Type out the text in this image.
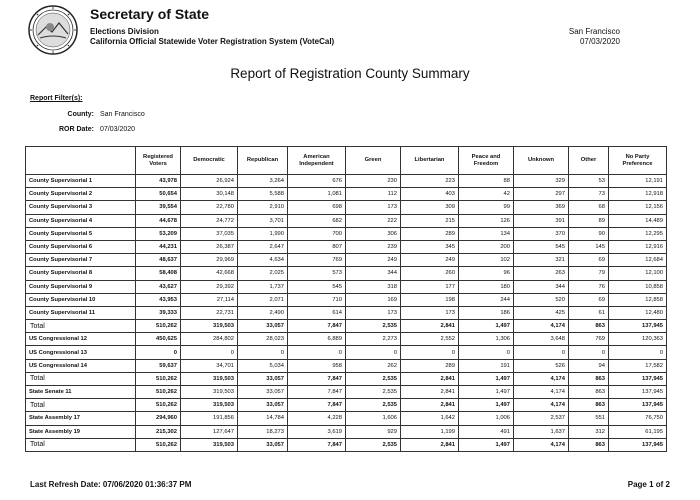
Secretary of State
Elections Division
California Official Statewide Voter Registration System (VoteCal)
San Francisco
07/03/2020
Report of Registration County Summary
Report Filter(s):
County: San Francisco
ROR Date: 07/03/2020
	Registered
Voters	Democratic	Republican	American
Independent	Green	Libertarian	Peace and
Freedom	Unknown	Other	No Party
Preference
County Supervisorial 1	43,978	26,924	3,264	676	230	223	88	329	53	12,191
County Supervisorial 2	50,654	30,148	5,588	1,081	112	403	42	297	73	12,918
County Supervisorial 3	39,554	22,780	2,910	698	173	309	99	369	68	12,156
County Supervisorial 4	44,678	24,772	3,701	682	222	215	126	391	89	14,489
County Supervisorial 5	53,209	37,035	1,990	700	306	289	134	370	90	12,295
County Supervisorial 6	44,231	26,387	2,647	807	239	345	200	545	145	12,916
County Supervisorial 7	48,637	29,969	4,634	769	249	249	102	321	69	12,684
County Supervisorial 8	58,408	42,668	2,025	573	344	260	96	263	79	12,100
County Supervisorial 9	43,627	29,392	1,737	545	318	177	180	344	76	10,858
County Supervisorial 10	43,953	27,114	2,071	710	169	198	244	520	69	12,858
County Supervisorial 11	39,333	22,731	2,490	614	173	173	186	425	61	12,480
Total	510,262	319,503	33,057	7,847	2,535	2,841	1,497	4,174	863	137,945
US Congressional 12	450,625	284,802	28,023	6,889	2,273	2,552	1,306	3,648	769	120,363
US Congressional 13	0	0	0	0	0	0	0	0	0	0
US Congressional 14	59,637	34,701	5,034	958	262	289	191	526	94	17,582
Total	510,262	319,503	33,057	7,847	2,535	2,841	1,497	4,174	863	137,945
State Senate 11	510,262	319,503	33,057	7,847	2,535	2,841	1,497	4,174	863	137,945
Total	510,262	319,503	33,057	7,847	2,535	2,841	1,497	4,174	863	137,945
State Assembly 17	294,960	191,856	14,784	4,228	1,606	1,642	1,006	2,537	551	76,750
State Assembly 19	215,302	127,647	18,273	3,619	929	1,199	491	1,637	312	61,195
Total	510,262	319,503	33,057	7,847	2,535	2,841	1,497	4,174	863	137,945
Last Refresh Date: 07/06/2020 01:36:37 PM	Page 1 of 2
